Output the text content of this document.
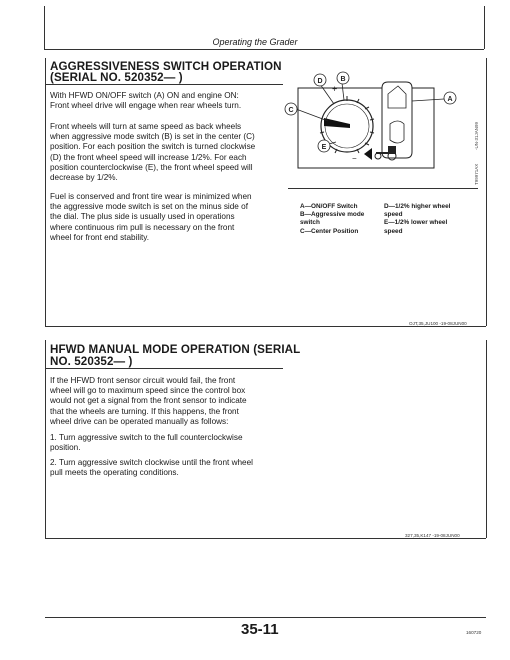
Operating the Grader
AGGRESSIVENESS SWITCH OPERATION
(SERIAL NO. 520352— )
With HFWD ON/OFF switch (A) ON and engine ON:
Front wheel drive will engage when rear wheels turn.
Front wheels will turn at same speed as back wheels
when aggressive mode switch (B) is set in the center (C)
position. For each position the switch is turned clockwise
(D) the front wheel speed will increase 1/2%. For each
position counterclockwise (E), the front wheel speed will
decrease by 1/2%.
Fuel is conserved and front tire wear is minimized when
the aggressive mode switch is set on the minus side of
the dial. The plus side is usually used in operations
where continuous rim pull is necessary on the front
wheel for front end stability.
OJT,35,JU100 -19-08JUN00
+
−
A
B
C
D
E
T99971AX
-UN-31JAN99
A—ON/OFF Switch
B—Aggressive mode
switch
C—Center Position
D—1/2% higher wheel
speed
E—1/2% lower wheel
speed
HFWD MANUAL MODE OPERATION (SERIAL
NO. 520352— )
If the HFWD front sensor circuit would fail, the front
wheel will go to maximum speed since the control box
would not get a signal from the front sensor to indicate
that the wheels are turning. If this happens, the front
wheel drive can be operated manually as follows:
1. Turn aggressive switch to the full counterclockwise
position.
2. Turn aggressive switch clockwise until the front wheel
pull meets the operating conditions.
327,35,K147 -19-08JUN00
35-11	160720
